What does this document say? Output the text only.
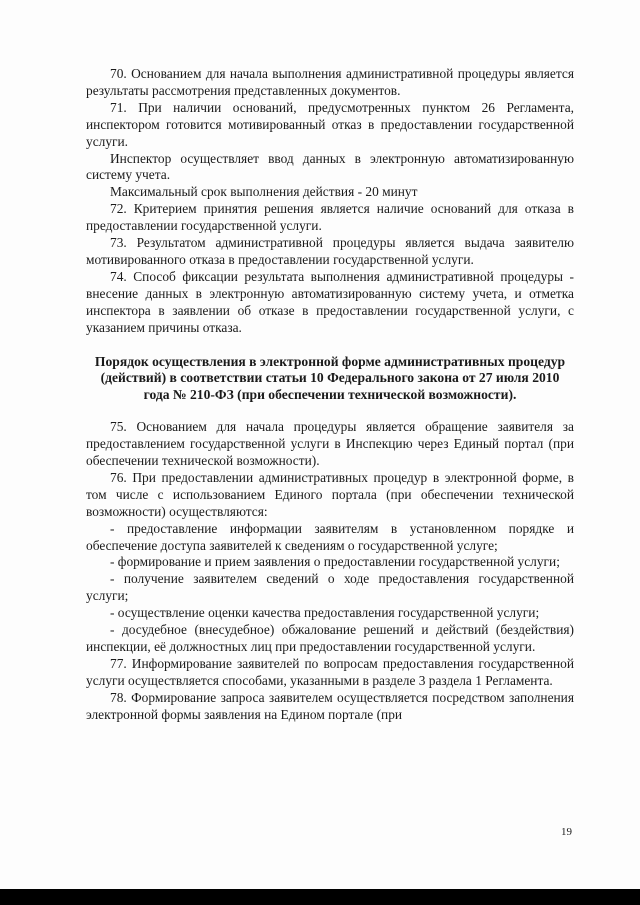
70. Основанием для начала выполнения административной процедуры является результаты рассмотрения представленных документов.

71. При наличии оснований, предусмотренных пунктом 26 Регламента, инспектором готовится мотивированный отказ в предоставлении государственной услуги.

Инспектор осуществляет ввод данных в электронную автоматизированную систему учета.

Максимальный срок выполнения действия - 20 минут

72. Критерием принятия решения является наличие оснований для отказа в предоставлении государственной услуги.

73. Результатом административной процедуры является выдача заявителю мотивированного отказа в предоставлении государственной услуги.

74. Способ фиксации результата выполнения административной процедуры - внесение данных в электронную автоматизированную систему учета, и отметка инспектора в заявлении об отказе в предоставлении государственной услуги, с указанием причины отказа.

Порядок осуществления в электронной форме административных процедур (действий) в соответствии статьи 10 Федерального закона от 27 июля 2010 года № 210-ФЗ (при обеспечении технической возможности).

75. Основанием для начала процедуры является обращение заявителя за предоставлением государственной услуги в Инспекцию через Единый портал (при обеспечении технической возможности).

76. При предоставлении административных процедур в электронной форме, в том числе с использованием Единого портала (при обеспечении технической возможности) осуществляются:

- предоставление информации заявителям в установленном порядке и обеспечение доступа заявителей к сведениям о государственной услуге;

- формирование и прием заявления о предоставлении государственной услуги;

- получение заявителем сведений о ходе предоставления государственной услуги;

- осуществление оценки качества предоставления государственной услуги;

- досудебное (внесудебное) обжалование решений и действий (бездействия) инспекции, её должностных лиц при предоставлении государственной услуги.

77. Информирование заявителей по вопросам предоставления государственной услуги осуществляется способами, указанными в разделе 3 раздела 1 Регламента.

78. Формирование запроса заявителем осуществляется посредством заполнения электронной формы заявления на Едином портале (при

19
